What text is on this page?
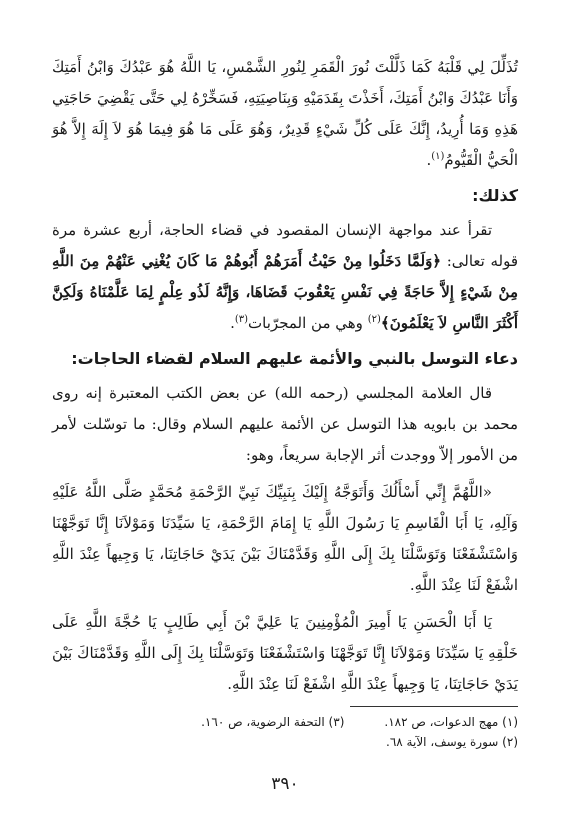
تُذَلِّلَ لِي قَلْبَهُ كَمَا ذَلَّلْتَ نُورَ الْقَمَرِ لِنُورِ الشَّمْسِ، يَا اللَّهُ هُوَ عَبْدُكَ وَابْنُ أَمَتِكَ وَأَنَا عَبْدُكَ وَابْنُ أَمَتِكَ، أَخَذْتَ بِقَدَمَيْهِ وَبِنَاصِيَتِهِ، فَسَخِّرْهُ لِي حَتَّى يَقْضِيَ حَاجَتِي هَذِهِ وَمَا أُرِيدُ، إِنَّكَ عَلَى كُلِّ شَيْءٍ قَدِيرٌ، وَهُوَ عَلَى مَا هُوَ فِيمَا هُوَ لاَ إِلَهَ إِلاَّ هُوَ الْحَيُّ الْقَيُّومُ$^{(١)}$.

كذلك:

تقرأ عند مواجهة الإنسان المقصود في قضاء الحاجة، أربع عشرة مرة قوله تعالى: ﴿وَلَمَّا دَخَلُوا مِنْ حَيْثُ أَمَرَهُمْ أَبُوهُمْ مَا كَانَ يُغْنِي عَنْهُمْ مِنَ اللَّهِ مِنْ شَيْءٍ إِلاَّ حَاجَةً فِي نَفْسِ يَعْقُوبَ قَضَاهَا، وَإِنَّهُ لَذُو عِلْمٍ لِمَا عَلَّمْنَاهُ وَلَكِنَّ أَكْثَرَ النَّاسِ لاَ يَعْلَمُونَ﴾$^{(٢)}$ وهي من المجرّبات$^{(٣)}$.

دعاء التوسل بالنبي والأئمة عليهم السلام لقضاء الحاجات:

قال العلامة المجلسي (رحمه الله) عن بعض الكتب المعتبرة إنه روى محمد بن بابويه هذا التوسل عن الأئمة عليهم السلام وقال: ما توسّلت لأمر من الأمور إلاّ ووجدت أثر الإجابة سريعاً، وهو:

«اللَّهُمَّ إِنِّي أَسْأَلُكَ وَأَتَوَجَّهُ إِلَيْكَ بِنَبِيِّكَ نَبِيِّ الرَّحْمَةِ مُحَمَّدٍ صَلَّى اللَّهُ عَلَيْهِ وَآلِهِ، يَا أَبَا الْقَاسِمِ يَا رَسُولَ اللَّهِ يَا إِمَامَ الرَّحْمَةِ، يَا سَيِّدَنَا وَمَوْلاَنَا إِنَّا تَوَجَّهْنَا وَاسْتَشْفَعْنَا وَتَوَسَّلْنَا بِكَ إِلَى اللَّهِ وَقَدَّمْنَاكَ بَيْنَ يَدَيْ حَاجَاتِنَا، يَا وَجِيهاً عِنْدَ اللَّهِ اشْفَعْ لَنَا عِنْدَ اللَّهِ.

يَا أَبَا الْحَسَنِ يَا أَمِيرَ الْمُؤْمِنِينَ يَا عَلِيَّ بْنَ أَبِي طَالِبٍ يَا حُجَّةَ اللَّهِ عَلَى خَلْقِهِ يَا سَيِّدَنَا وَمَوْلاَنَا إِنَّا تَوَجَّهْنَا وَاسْتَشْفَعْنَا وَتَوَسَّلْنَا بِكَ إِلَى اللَّهِ وَقَدَّمْنَاكَ بَيْنَ يَدَيْ حَاجَاتِنَا، يَا وَجِيهاً عِنْدَ اللَّهِ اشْفَعْ لَنَا عِنْدَ اللَّهِ.

(١) مهج الدعوات، ص ١٨٢.
(٣) التحفة الرضوية، ص ١٦٠.
(٢) سورة يوسف، الآية ٦٨.
٣٩٠
